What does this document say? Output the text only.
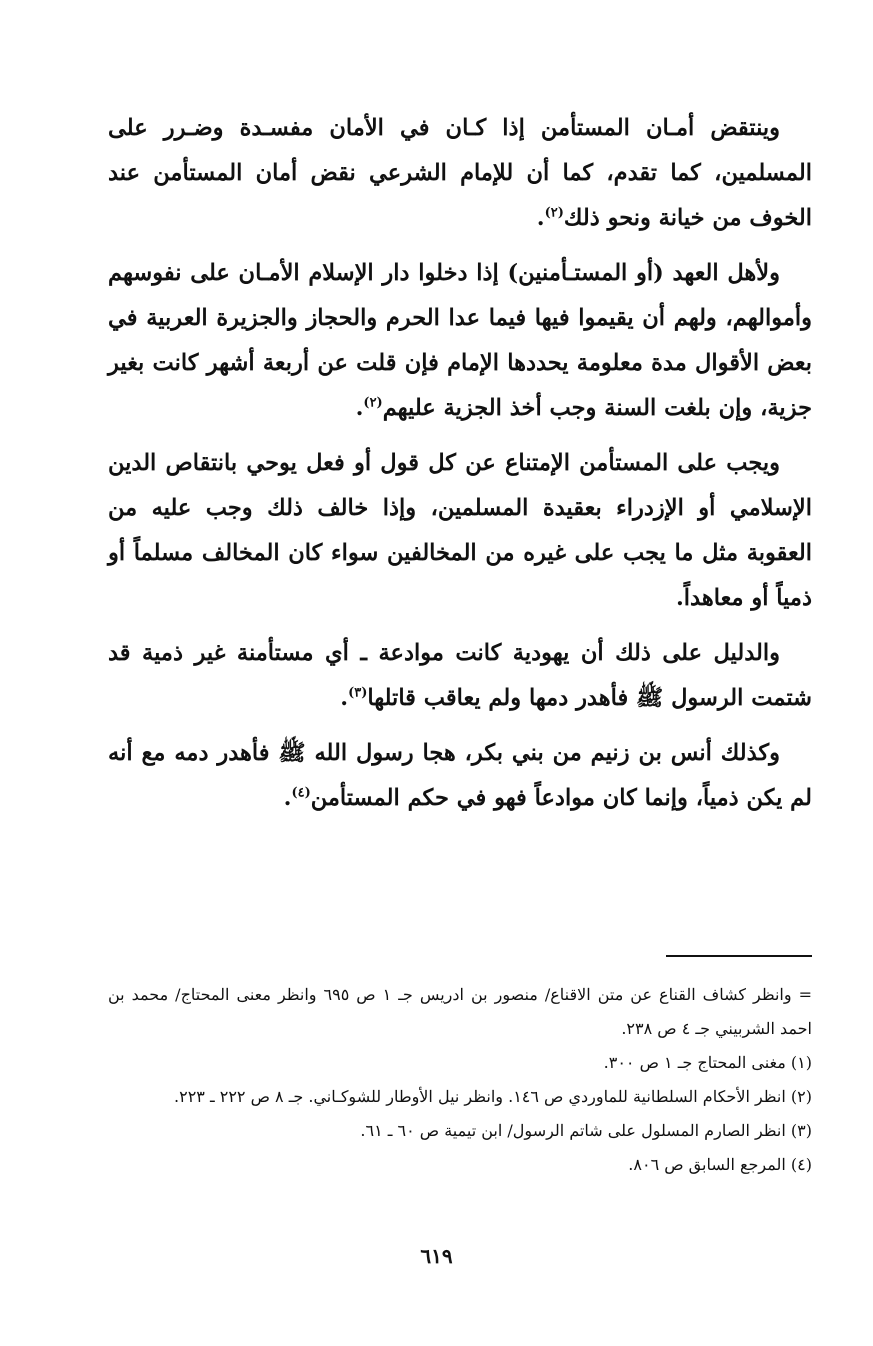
وينتقض أمـان المستأمن إذا كـان في الأمان مفسـدة وضـرر على المسلمين، كما تقدم، كما أن للإمام الشرعي نقض أمان المستأمن عند الخوف من خيانة ونحو ذلك$^{(٢)}$.

ولأهل العهد (أو المستـأمنين) إذا دخلوا دار الإسلام الأمـان على نفوسهم وأموالهم، ولهم أن يقيموا فيها فيما عدا الحرم والحجاز والجزيرة العربية في بعض الأقوال مدة معلومة يحددها الإمام فإن قلت عن أربعة أشهر كانت بغير جزية، وإن بلغت السنة وجب أخذ الجزية عليهم$^{(٢)}$.

ويجب على المستأمن الإمتناع عن كل قول أو فعل يوحي بانتقاص الدين الإسلامي أو الإزدراء بعقيدة المسلمين، وإذا خالف ذلك وجب عليه من العقوبة مثل ما يجب على غيره من المخالفين سواء كان المخالف مسلماً أو ذمياً أو معاهداً.

والدليل على ذلك أن يهودية كانت موادعة ـ أي مستأمنة غير ذمية قد شتمت الرسول ﷺ فأهدر دمها ولم يعاقب قاتلها$^{(٣)}$.

وكذلك أنس بن زنيم من بني بكر، هجا رسول الله ﷺ فأهدر دمه مع أنه لم يكن ذمياً، وإنما كان موادعاً فهو في حكم المستأمن$^{(٤)}$.

= وانظر كشاف القناع عن متن الاقناع/ منصور بن ادريس جـ ١ ص ٦٩٥ وانظر معنى المحتاج/ محمد بن احمد الشربيني جـ ٤ ص ٢٣٨.

(١) مغنى المحتاج جـ ١ ص ٣٠٠.

(٢) انظر الأحكام السلطانية للماوردي ص ١٤٦. وانظر نيل الأوطار للشوكـاني. جـ ٨ ص ٢٢٢ ـ ٢٢٣.

(٣) انظر الصارم المسلول على شاتم الرسول/ ابن تيمية ص ٦٠ ـ ٦١.

(٤) المرجع السابق ص ٨٠٦.

٦١٩
